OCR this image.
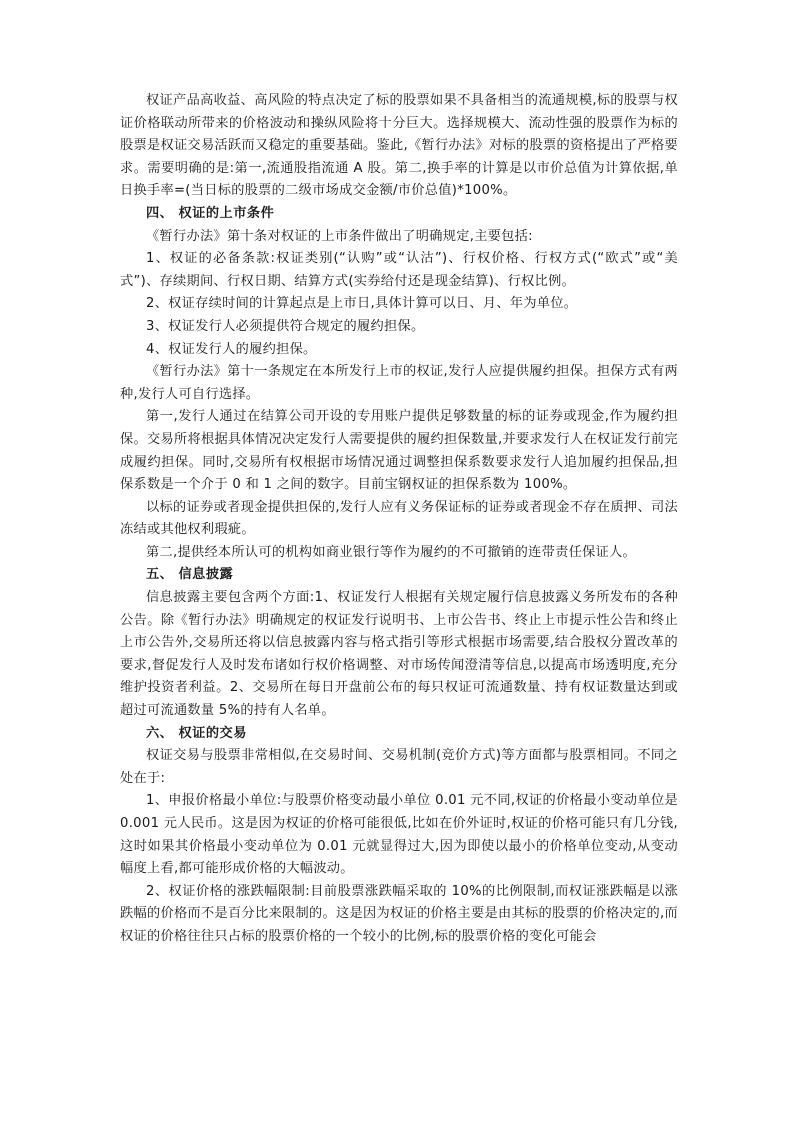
权证产品高收益、高风险的特点决定了标的股票如果不具备相当的流通规模,标的股票与权证价格联动所带来的价格波动和操纵风险将十分巨大。选择规模大、流动性强的股票作为标的股票是权证交易活跃而又稳定的重要基础。鉴此,《暂行办法》对标的股票的资格提出了严格要求。需要明确的是:第一,流通股指流通 A 股。第二,换手率的计算是以市价总值为计算依据,单日换手率=(当日标的股票的二级市场成交金额/市价总值)*100%。

四、 权证的上市条件

《暂行办法》第十条对权证的上市条件做出了明确规定,主要包括:

1、权证的必备条款:权证类别(“认购”或“认沽”)、行权价格、行权方式(“欧式”或“美式”)、存续期间、行权日期、结算方式(实券给付还是现金结算)、行权比例。

2、权证存续时间的计算起点是上市日,具体计算可以日、月、年为单位。

3、权证发行人必须提供符合规定的履约担保。

4、权证发行人的履约担保。

《暂行办法》第十一条规定在本所发行上市的权证,发行人应提供履约担保。担保方式有两种,发行人可自行选择。

第一,发行人通过在结算公司开设的专用账户提供足够数量的标的证券或现金,作为履约担保。交易所将根据具体情况决定发行人需要提供的履约担保数量,并要求发行人在权证发行前完成履约担保。同时,交易所有权根据市场情况通过调整担保系数要求发行人追加履约担保品,担保系数是一个介于 0 和 1 之间的数字。目前宝钢权证的担保系数为 100%。

以标的证券或者现金提供担保的,发行人应有义务保证标的证券或者现金不存在质押、司法冻结或其他权利瑕疵。

第二,提供经本所认可的机构如商业银行等作为履约的不可撤销的连带责任保证人。

五、 信息披露

信息披露主要包含两个方面:1、权证发行人根据有关规定履行信息披露义务所发布的各种公告。除《暂行办法》明确规定的权证发行说明书、上市公告书、终止上市提示性公告和终止上市公告外,交易所还将以信息披露内容与格式指引等形式根据市场需要,结合股权分置改革的要求,督促发行人及时发布诸如行权价格调整、对市场传闻澄清等信息,以提高市场透明度,充分维护投资者利益。2、交易所在每日开盘前公布的每只权证可流通数量、持有权证数量达到或超过可流通数量 5%的持有人名单。

六、 权证的交易

权证交易与股票非常相似,在交易时间、交易机制(竞价方式)等方面都与股票相同。不同之处在于:

1、申报价格最小单位:与股票价格变动最小单位 0.01 元不同,权证的价格最小变动单位是 0.001 元人民币。这是因为权证的价格可能很低,比如在价外证时,权证的价格可能只有几分钱,这时如果其价格最小变动单位为 0.01 元就显得过大,因为即使以最小的价格单位变动,从变动幅度上看,都可能形成价格的大幅波动。

2、权证价格的涨跌幅限制:目前股票涨跌幅采取的 10%的比例限制,而权证涨跌幅是以涨跌幅的价格而不是百分比来限制的。这是因为权证的价格主要是由其标的股票的价格决定的,而权证的价格往往只占标的股票价格的一个较小的比例,标的股票价格的变化可能会
